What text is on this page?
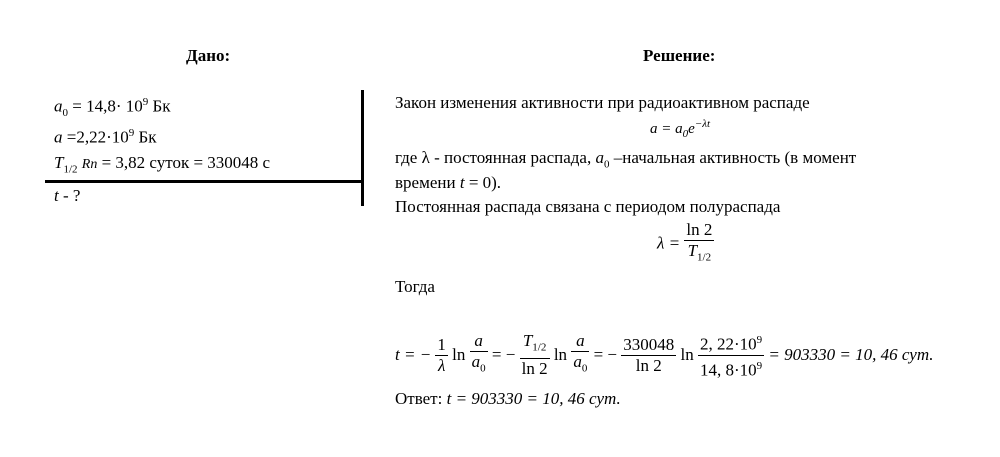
Дано:	Решение:
$a_0 = 14,8\cdot 10^9$ Бк
$a =2,22\cdot 10^9$ Бк
$T_{1/2}$ Rn = 3,82 суток = 330048 с
t - ?
Закон изменения активности при радиоактивном распаде
$a = a_0e^{-\lambda t}$
где λ - постоянная распада, $a_0$ –начальная активность (в момент
времени t = 0).
Постоянная распада связана с периодом полураспада
$\lambda = \frac{\ln 2}{T_{1/2}}$
Тогда
t = − $\frac{1}{\lambda}$ $\ln \frac{a}{a_0}$ = − $\frac{T_{1/2}}{\ln 2}$ $\ln \frac{a}{a_0}$ = − $\frac{330048}{\ln 2}$ $\ln \frac{2, 22\cdot 10^9}{14, 8\cdot 10^9} = 903330 = 10$, 46 сут.
Ответ: t = 903330 = 10, 46 сут.
